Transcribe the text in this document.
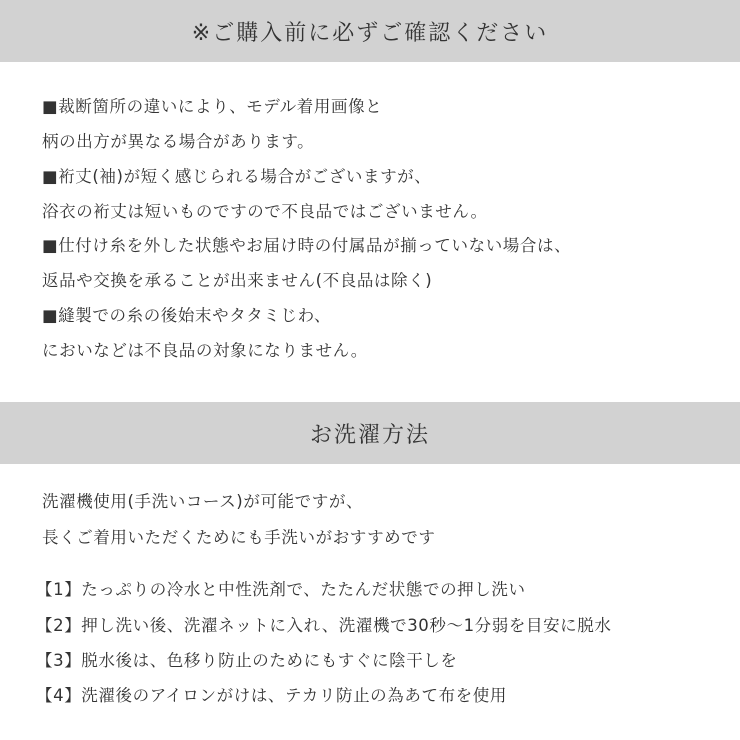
※ご購入前に必ずご確認ください
■裁断箇所の違いにより、モデル着用画像と
柄の出方が異なる場合があります。
■裄丈(袖)が短く感じられる場合がございますが、
浴衣の裄丈は短いものですので不良品ではございません。
■仕付け糸を外した状態やお届け時の付属品が揃っていない場合は、
返品や交換を承ることが出来ません(不良品は除く)
■縫製での糸の後始末やタタミじわ、
においなどは不良品の対象になりません。
お洗濯方法
洗濯機使用(手洗いコース)が可能ですが、
長くご着用いただくためにも手洗いがおすすめです
【1】たっぷりの冷水と中性洗剤で、たたんだ状態での押し洗い
【2】押し洗い後、洗濯ネットに入れ、洗濯機で30秒～1分弱を目安に脱水
【3】脱水後は、色移り防止のためにもすぐに陰干しを
【4】洗濯後のアイロンがけは、テカリ防止の為あて布を使用
